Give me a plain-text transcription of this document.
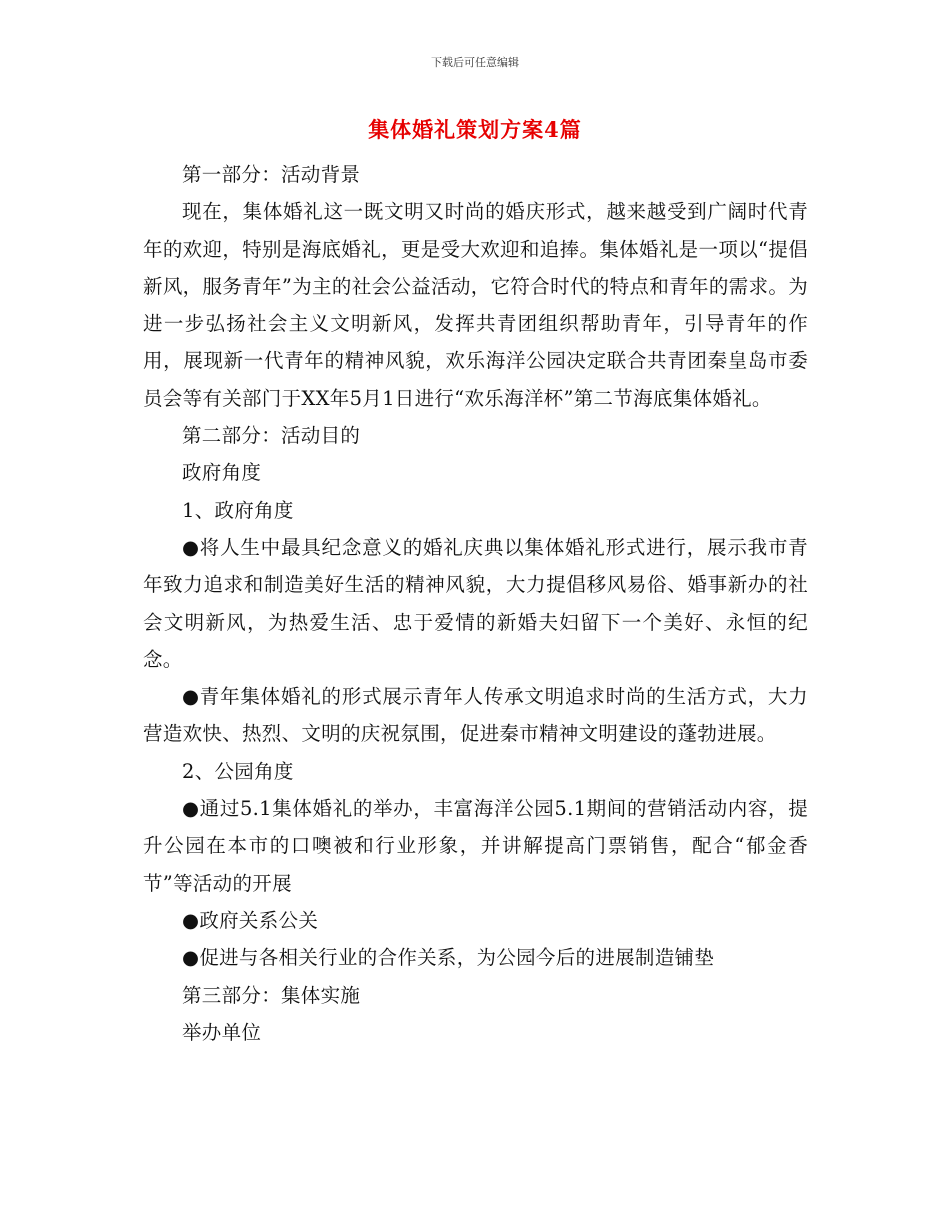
下载后可任意编辑
集体婚礼策划方案4篇

第一部分：活动背景

现在，集体婚礼这一既文明又时尚的婚庆形式，越来越受到广阔时代青年的欢迎，特别是海底婚礼，更是受大欢迎和追捧。集体婚礼是一项以“提倡新风，服务青年”为主的社会公益活动，它符合时代的特点和青年的需求。为进一步弘扬社会主义文明新风，发挥共青团组织帮助青年，引导青年的作用，展现新一代青年的精神风貌，欢乐海洋公园决定联合共青团秦皇岛市委员会等有关部门于XX年5月1日进行“欢乐海洋杯”第二节海底集体婚礼。

第二部分：活动目的

政府角度

1、政府角度

●将人生中最具纪念意义的婚礼庆典以集体婚礼形式进行，展示我市青年致力追求和制造美好生活的精神风貌，大力提倡移风易俗、婚事新办的社会文明新风，为热爱生活、忠于爱情的新婚夫妇留下一个美好、永恒的纪念。

●青年集体婚礼的形式展示青年人传承文明追求时尚的生活方式，大力营造欢快、热烈、文明的庆祝氛围，促进秦市精神文明建设的蓬勃进展。

2、公园角度

●通过5.1集体婚礼的举办，丰富海洋公园5.1期间的营销活动内容，提升公园在本市的口噢被和行业形象，并讲解提高门票销售，配合“郁金香节”等活动的开展

●政府关系公关

●促进与各相关行业的合作关系，为公园今后的进展制造铺垫

第三部分：集体实施

举办单位
